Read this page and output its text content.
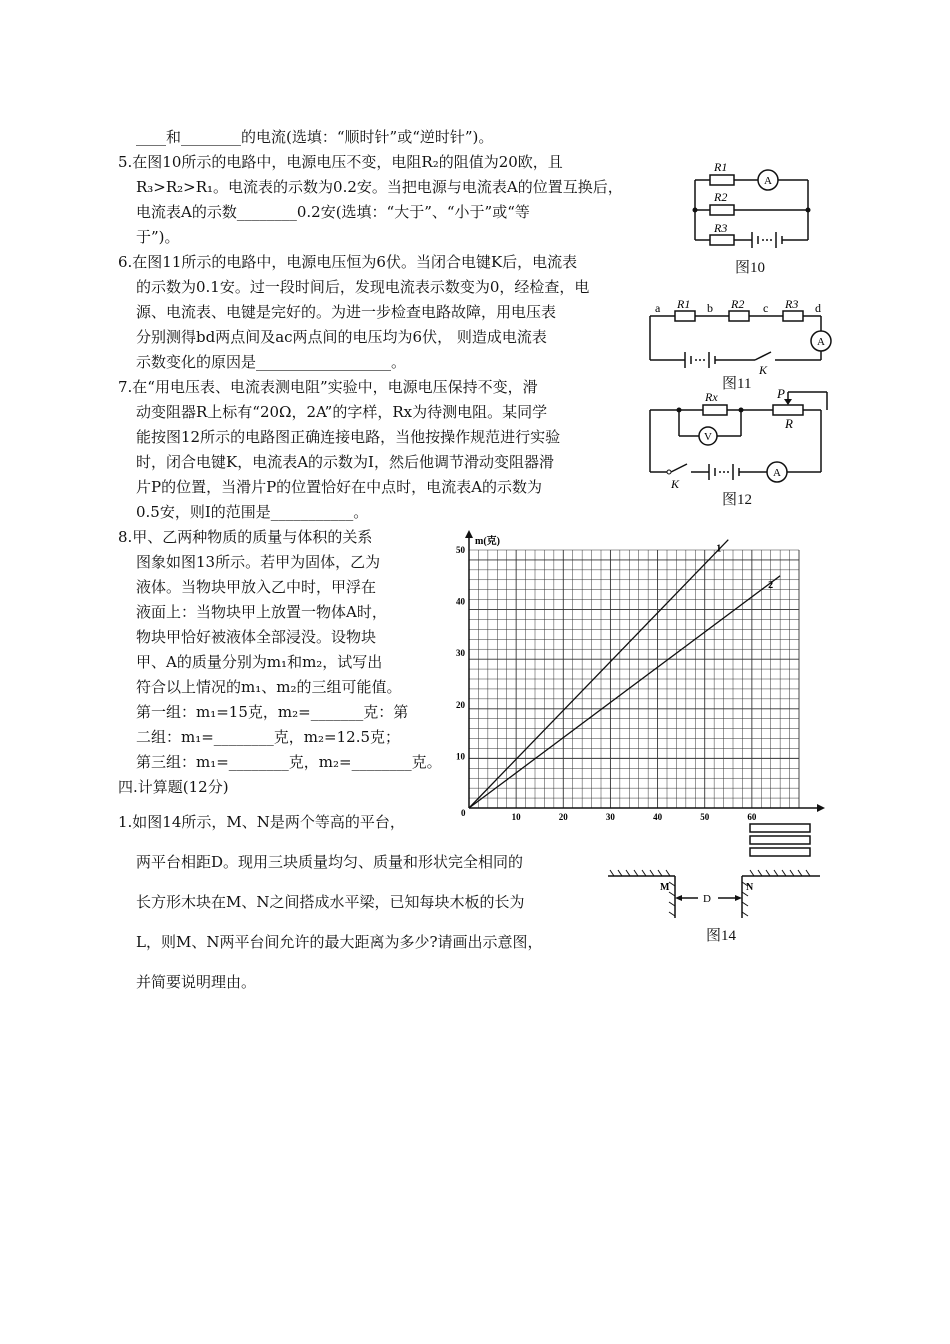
____和________的电流(选填：“顺时针”或“逆时针”)。
5.在图10所示的电路中，电源电压不变，电阻R₂的阻值为20欧，且
R₃>R₂>R₁。电流表的示数为0.2安。当把电源与电流表A的位置互换后，
电流表A的示数________0.2安(选填：“大于”、“小于”或“等
于”)。
6.在图11所示的电路中，电源电压恒为6伏。当闭合电键K后，电流表
的示数为0.1安。过一段时间后，发现电流表示数变为0，经检查，电
源、电流表、电键是完好的。为进一步检查电路故障，用电压表
分别测得bd两点间及ac两点间的电压均为6伏， 则造成电流表
示数变化的原因是__________________。
7.在“用电压表、电流表测电阻”实验中，电源电压保持不变，滑
动变阻器R上标有“20Ω，2A”的字样，Rx为待测电阻。某同学
能按图12所示的电路图正确连接电路，当他按操作规范进行实验
时，闭合电键K，电流表A的示数为I，然后他调节滑动变阻器滑
片P的位置，当滑片P的位置恰好在中点时，电流表A的示数为
0.5安，则I的范围是___________。
8.甲、乙两种物质的质量与体积的关系
图象如图13所示。若甲为固体，乙为
液体。当物块甲放入乙中时，甲浮在
液面上：当物块甲上放置一物体A时，
物块甲恰好被液体全部浸没。设物块
甲、A的质量分别为m₁和m₂，试写出
符合以上情况的m₁、m₂的三组可能值。
第一组：m₁=15克，m₂=_______克：第
二组：m₁=________克，m₂=12.5克；
第三组：m₁=________克，m₂=________克。
四.计算题(12分)
1.如图14所示，M、N是两个等高的平台，
两平台相距D。现用三块质量均匀、质量和形状完全相同的
长方形木块在M、N之间搭成水平梁，已知每块木板的长为
L，则M、N两平台间允许的最大距离为多少?请画出示意图，
并简要说明理由。
A
R1
R2
R3
图10
A
a R1 b R2 c R3 d
K
图11
V
A
Rx	P
R
K
图12
0	10	20	30	40	50	60
10
20
30
40
50	1
2
m(克)
M	N
D
图14
